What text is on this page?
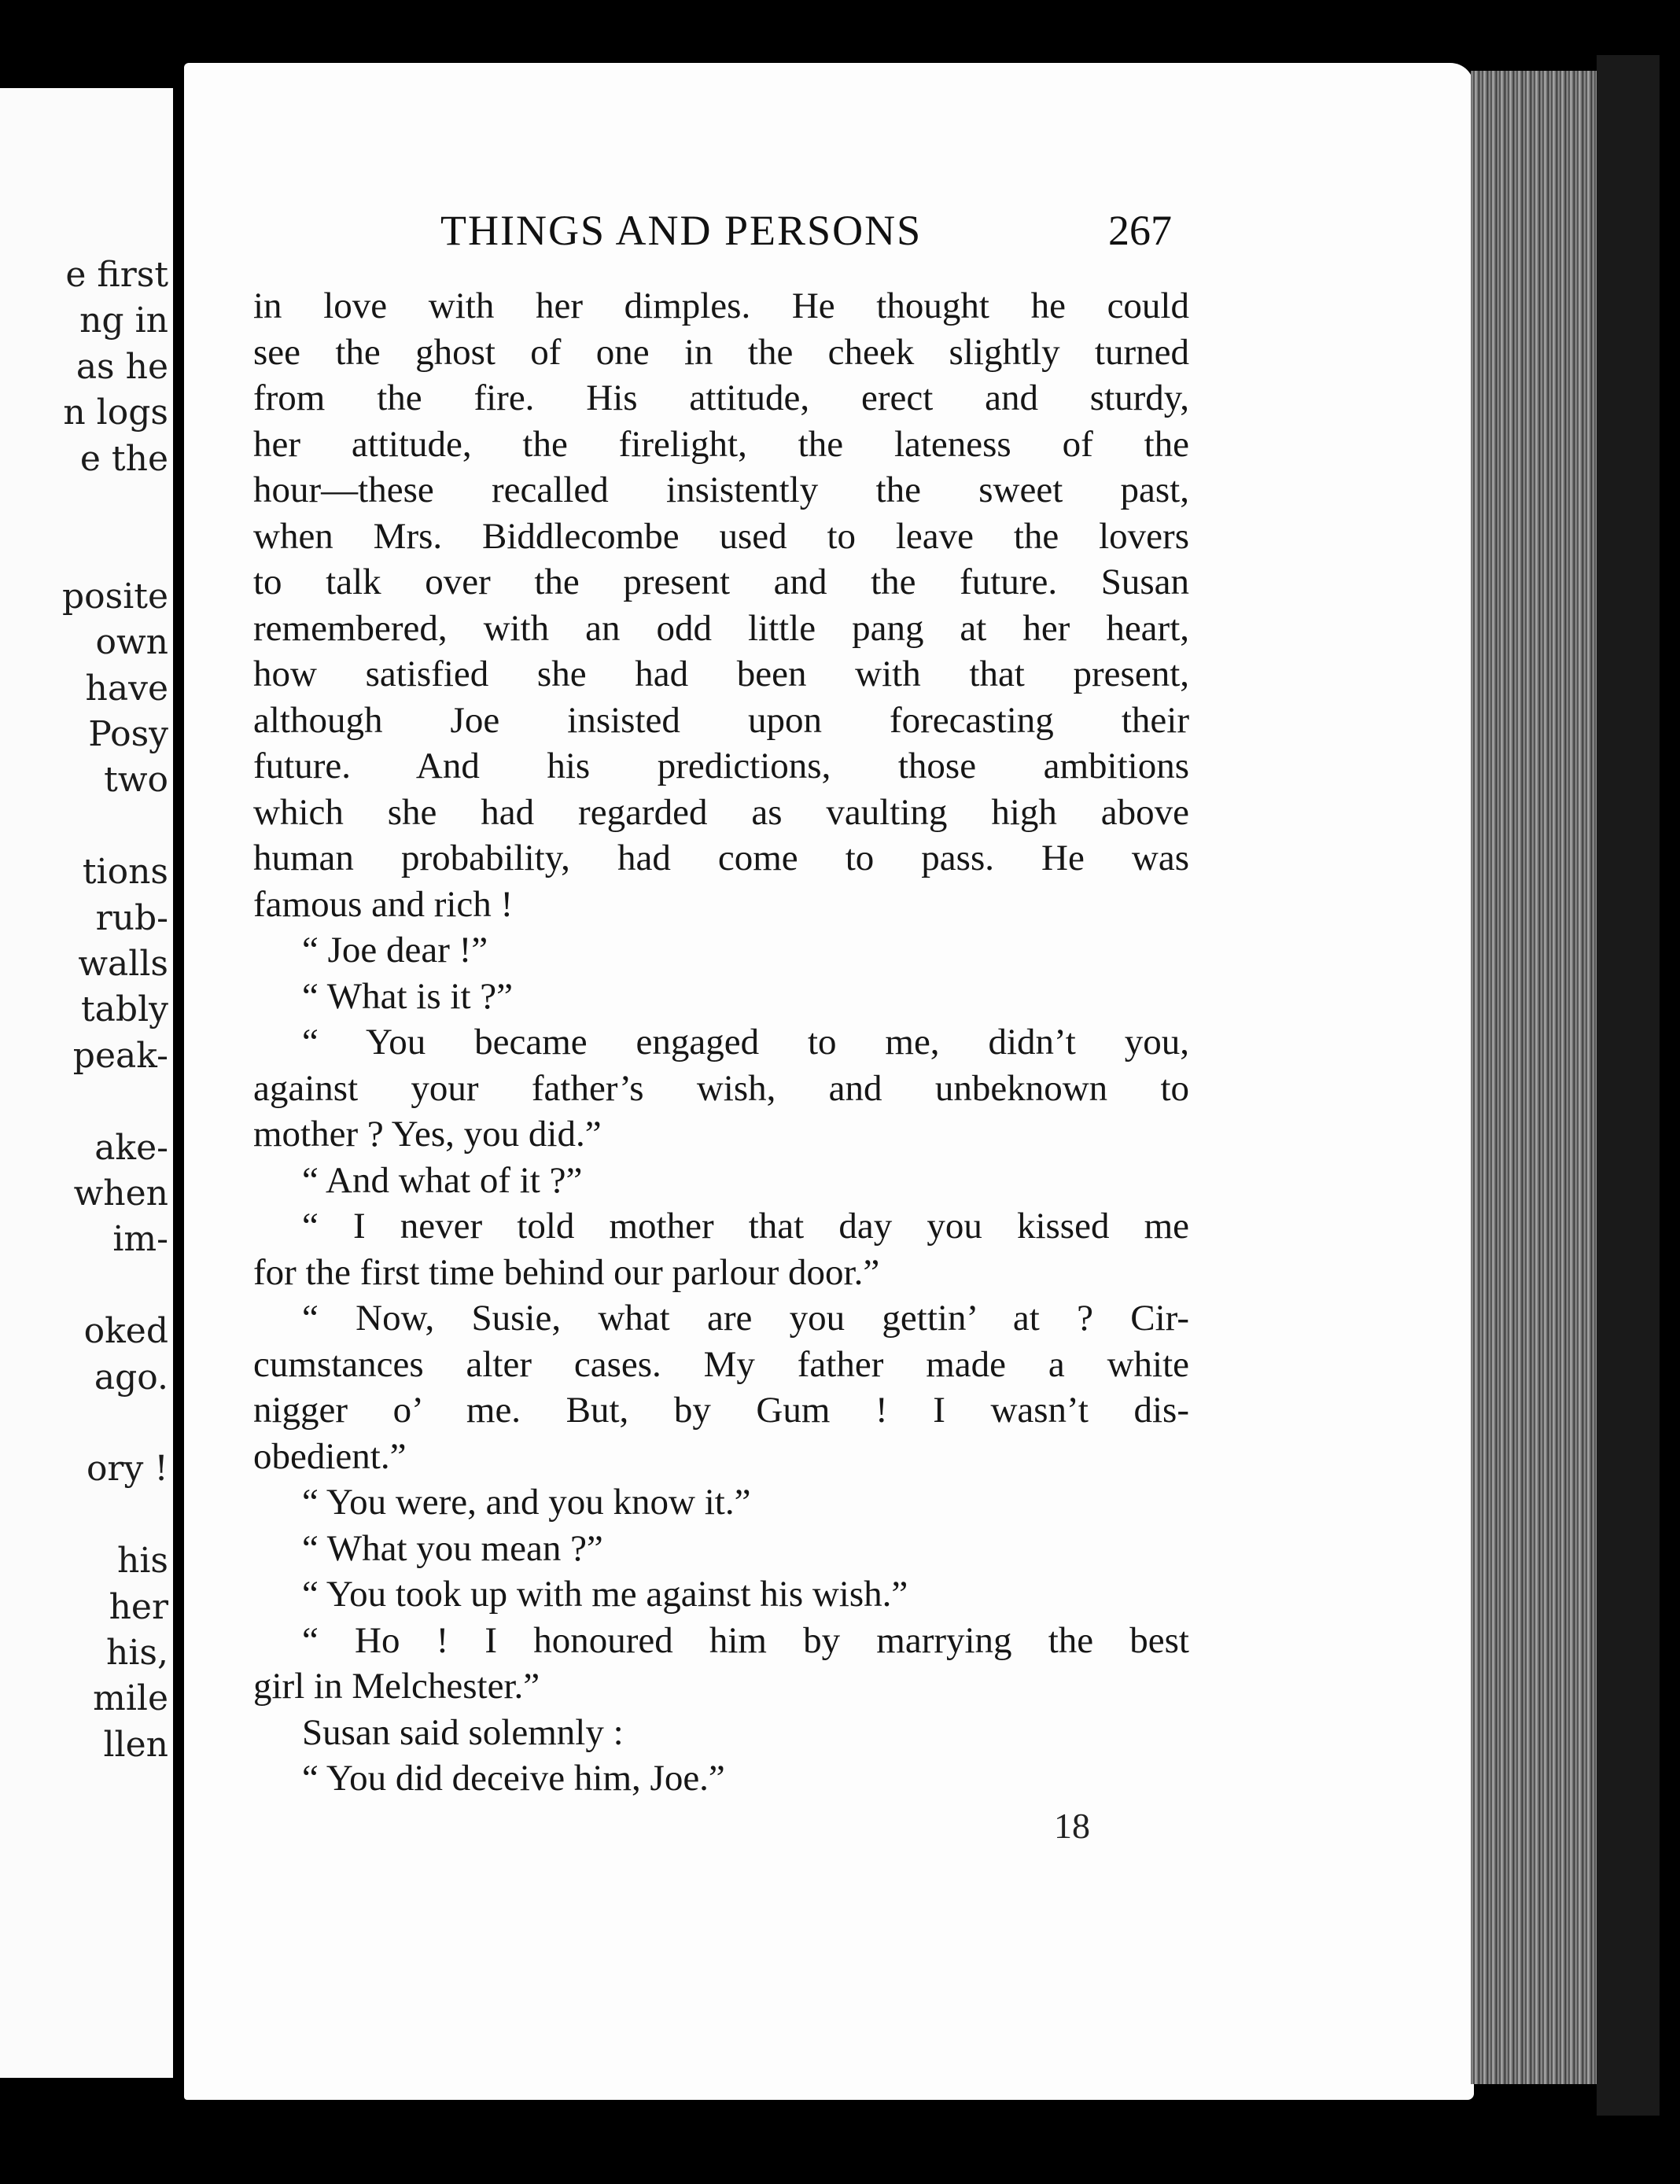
e first
ng in
as he
n logs
e the
posite
own
have
Posy
two
tions
rub-
walls
tably
peak-
ake-
when
im-
oked
ago.
ory !
his
her
his,
mile
llen
THINGS AND PERSONS	267
in love with her dimples. He thought he could
see the ghost of one in the cheek slightly turned
from the fire. His attitude, erect and sturdy,
her attitude, the firelight, the lateness of the
hour—these recalled insistently the sweet past,
when Mrs. Biddlecombe used to leave the lovers
to talk over the present and the future. Susan
remembered, with an odd little pang at her heart,
how satisfied she had been with that present,
although Joe insisted upon forecasting their
future. And his predictions, those ambitions
which she had regarded as vaulting high above
human probability, had come to pass. He was
famous and rich !
“ Joe dear !”
“ What is it ?”
“ You became engaged to me, didn’t you,
against your father’s wish, and unbeknown to
mother ? Yes, you did.”
“ And what of it ?”
“ I never told mother that day you kissed me
for the first time behind our parlour door.”
“ Now, Susie, what are you gettin’ at ? Cir-
cumstances alter cases. My father made a white
nigger o’ me. But, by Gum ! I wasn’t dis-
obedient.”
“ You were, and you know it.”
“ What you mean ?”
“ You took up with me against his wish.”
“ Ho ! I honoured him by marrying the best
girl in Melchester.”
Susan said solemnly :
“ You did deceive him, Joe.”
18
